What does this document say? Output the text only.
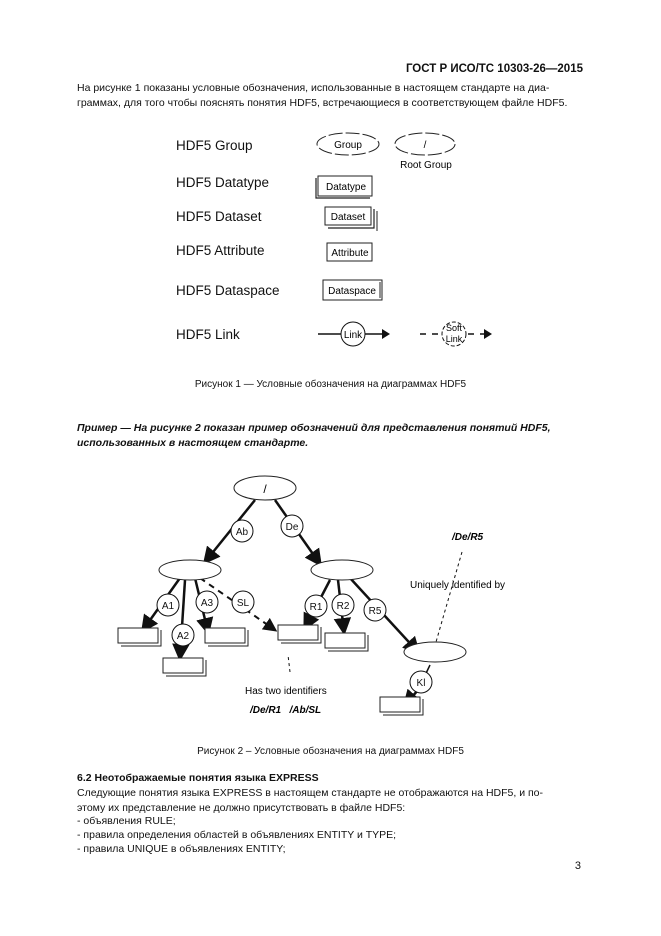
ГОСТ Р ИСО/ТС 10303-26—2015
На рисунке 1 показаны условные обозначения, использованные в настоящем стандарте на диа-
граммах, для того чтобы пояснять понятия HDF5, встречающиеся в соответствующем файле HDF5.
HDF5 Group
HDF5 Datatype
HDF5 Dataset
HDF5 Attribute
HDF5 Dataspace
HDF5 Link
Group	/
Root Group
Datatype
Dataset
Attribute
Dataspace
Link
Soft
Link
Рисунок 1 — Условные обозначения на диаграммах HDF5
Пример — На рисунке 2 показан пример обозначений для представления понятий HDF5,
использованных в настоящем стандарте.
/
Ab	De
A1	A3 SL
A2
R1 R2 R5
Kl
/De/R5
Uniquely identified by
Has two identifiers
/De/R1   /Ab/SL
Рисунок 2 – Условные обозначения на диаграммах HDF5
6.2 Неотображаемые понятия языка EXPRESS
Следующие понятия языка EXPRESS в настоящем стандарте не отображаются на HDF5, и по-
этому их представление не должно присутствовать в файле HDF5:
- объявления RULE;
- правила определения областей в объявлениях ENTITY и TYPE;
- правила UNIQUE в объявлениях ENTITY;
3
